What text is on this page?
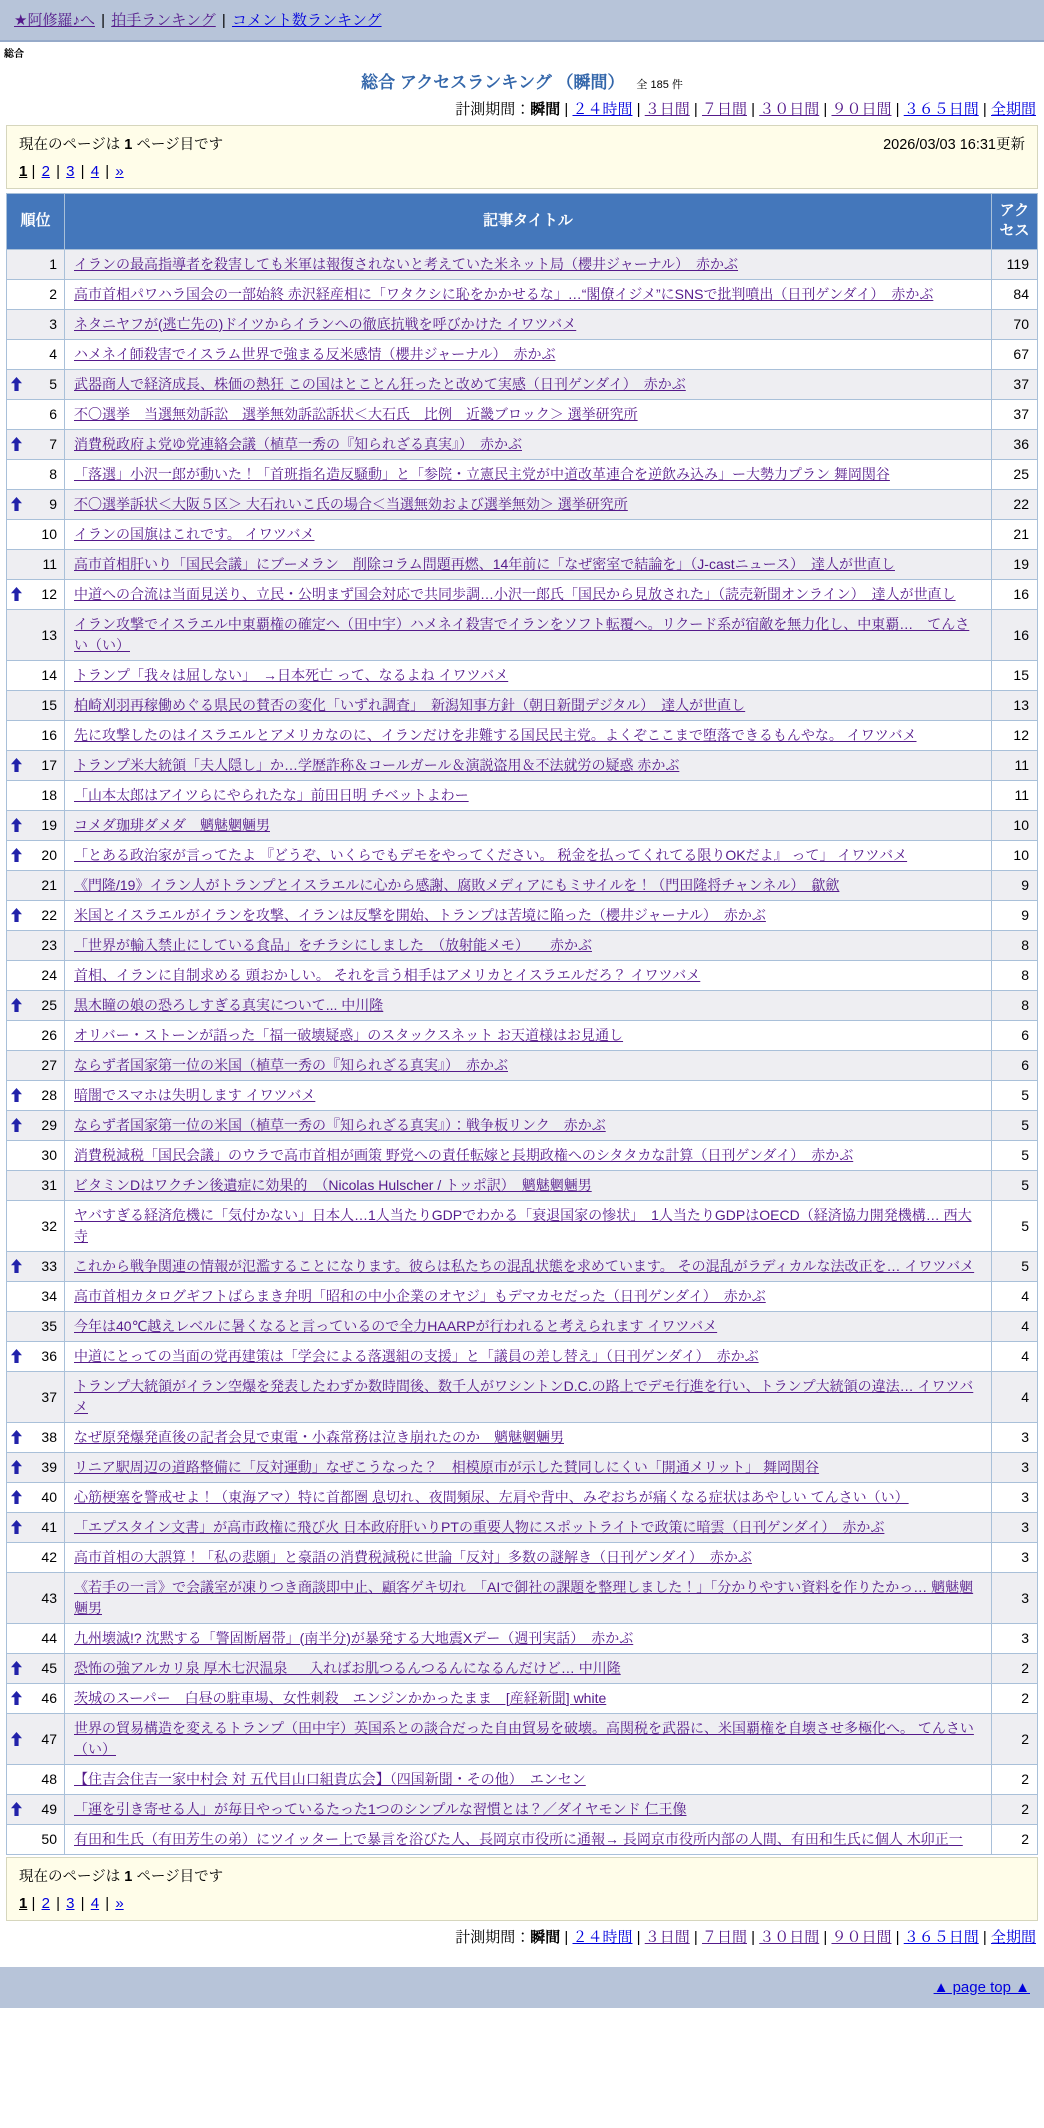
★阿修羅♪へ | 拍手ランキング | コメント数ランキング
総合
総合 アクセスランキング （瞬間） 全 185 件
計測期間：瞬間 | ２４時間 | ３日間 | ７日間 | ３０日間 | ９０日間 | ３６５日間 | 全期間
現在のページは 1 ページ目です	2026/03/03 16:31更新
1 | 2 | 3 | 4 | »
順位	記事タイトル	アクセス
1	イランの最高指導者を殺害しても米軍は報復されないと考えていた米ネット局（櫻井ジャーナル）　赤かぶ	119
2	高市首相パワハラ国会の一部始終 赤沢経産相に「ワタクシに恥をかかせるな」…“閣僚イジメ”にSNSで批判噴出（日刊ゲンダイ）　赤かぶ	84
3	ネタニヤフが(逃亡先の)ドイツからイランへの徹底抗戦を呼びかけた イワツバメ	70
4	ハメネイ師殺害でイスラム世界で強まる反米感情（櫻井ジャーナル）　赤かぶ	67

5	武器商人で経済成長、株価の熱狂 この国はとことん狂ったと改めて実感（日刊ゲンダイ）　赤かぶ	37
6	不〇選挙　当選無効訴訟　選挙無効訴訟訴状＜大石氏　比例　近畿ブロック＞ 選挙研究所	37

7	消費税政府よ党ゆ党連絡会議（植草一秀の『知られざる真実』）　赤かぶ	36
8	「落選」小沢一郎が動いた！「首班指名造反騒動」と「参院・立憲民主党が中道改革連合を逆飲み込み」ー大勢力プラン 舞岡関谷	25

9	不〇選挙訴状＜大阪５区＞ 大石れいこ氏の場合＜当選無効および選挙無効＞ 選挙研究所	22
10	イランの国旗はこれです。 イワツバメ	21
11	高市首相肝いり「国民会議」にブーメラン　削除コラム問題再燃、14年前に「なぜ密室で結論を」（J-castニュース）　達人が世直し	19

12	中道への合流は当面見送り、立民・公明まず国会対応で共同歩調…小沢一郎氏「国民から見放された」（読売新聞オンライン）　達人が世直し	16
13	イラン攻撃でイスラエル中東覇権の確定へ（田中宇）ハメネイ殺害でイランをソフト転覆へ。リクード系が宿敵を無力化し、中東覇…　てんさい（い）	16
14	トランプ「我々は屈しない」　→日本死亡 って、なるよね イワツバメ	15
15	柏崎刈羽再稼働めぐる県民の賛否の変化「いずれ調査」　新潟知事方針（朝日新聞デジタル）　達人が世直し	13
16	先に攻撃したのはイスラエルとアメリカなのに、イランだけを非難する国民民主党。よくぞここまで堕落できるもんやな。 イワツバメ	12

17	トランプ米大統領「夫人隠し」か…学歴詐称＆コールガール＆演説盗用＆不法就労の疑惑 赤かぶ	11
18	「山本太郎はアイツらにやられたな」前田日明 チベットよわー	11

19	コメダ珈琲ダメダ　魑魅魍魎男	10

20	「とある政治家が言ってたよ 『どうぞ、いくらでもデモをやってください。 税金を払ってくれてる限りOKだよ』 って」 イワツバメ	10
21	《門隆/19》イラン人がトランプとイスラエルに心から感謝、腐敗メディアにもミサイルを！（門田隆将チャンネル）　歙歛	9

22	米国とイスラエルがイランを攻撃、イランは反撃を開始、トランプは苦境に陥った（櫻井ジャーナル）　赤かぶ	9
23	「世界が輸入禁止にしている食品」をチラシにしました　（放射能メモ）　　赤かぶ	8
24	首相、イランに自制求める 頭おかしい。 それを言う相手はアメリカとイスラエルだろ？ イワツバメ	8

25	黒木瞳の娘の恐ろしすぎる真実について... 中川隆	8
26	オリバー・ストーンが語った「福一破壊疑惑」のスタックスネット お天道様はお見通し	6
27	ならず者国家第一位の米国（植草一秀の『知られざる真実』）　赤かぶ	6

28	暗闇でスマホは失明します イワツバメ	5

29	ならず者国家第一位の米国（植草一秀の『知られざる真実』）：戦争板リンク　赤かぶ	5
30	消費税減税「国民会議」のウラで高市首相が画策 野党への責任転嫁と長期政権へのシタタカな計算（日刊ゲンダイ）　赤かぶ	5
31	ビタミンDはワクチン後遺症に効果的　（Nicolas Hulscher / トッポ訳）　魑魅魍魎男	5
32	ヤバすぎる経済危機に「気付かない」日本人…1人当たりGDPでわかる「衰退国家の惨状」　1人当たりGDPはOECD（経済協力開発機構… 西大寺	5

33	これから戦争関連の情報が氾濫することになります。彼らは私たちの混乱状態を求めています。 その混乱がラディカルな法改正を… イワツバメ	5
34	高市首相カタログギフトばらまき弁明「昭和の中小企業のオヤジ」もデマカセだった（日刊ゲンダイ）　赤かぶ	4
35	今年は40℃越えレベルに暑くなると言っているので全力HAARPが行われると考えられます イワツバメ	4

36	中道にとっての当面の党再建策は「学会による落選組の支援」と「議員の差し替え」（日刊ゲンダイ）　赤かぶ	4
37	トランプ大統領がイラン空爆を発表したわずか数時間後、数千人がワシントンD.C.の路上でデモ行進を行い、トランプ大統領の違法… イワツバメ	4

38	なぜ原発爆発直後の記者会見で東電・小森常務は泣き崩れたのか　魑魅魍魎男	3

39	リニア駅周辺の道路整備に「反対運動」なぜこうなった？　相模原市が示した賛同しにくい「開通メリット」 舞岡関谷	3

40	心筋梗塞を警戒せよ！（東海アマ）特に首都圏 息切れ、夜間頻尿、左肩や背中、みぞおちが痛くなる症状はあやしい てんさい（い）	3

41	「エプスタイン文書」が高市政権に飛び火 日本政府肝いりPTの重要人物にスポットライトで政策に暗雲（日刊ゲンダイ）　赤かぶ	3
42	高市首相の大誤算！「私の悲願」と豪語の消費税減税に世論「反対」多数の謎解き（日刊ゲンダイ）　赤かぶ	3
43	《若手の一言》で会議室が凍りつき商談即中止、顧客ゲキ切れ　「AIで御社の課題を整理しました！」「分かりやすい資料を作りたかっ… 魑魅魍魎男	3
44	九州壊滅!? 沈黙する「警固断層帯」(南半分)が暴発する大地震Xデー（週刊実話）　赤かぶ	3

45	恐怖の強アルカリ泉 厚木七沢温泉 ＿ 入ればお肌つるんつるんになるんだけど… 中川隆	2

46	茨城のスーパー　白昼の駐車場、女性刺殺　エンジンかかったまま　[産経新聞] white	2

47	世界の貿易構造を変えるトランプ（田中宇）英国系との談合だった自由貿易を破壊。高関税を武器に、米国覇権を自壊させ多極化へ。 てんさい（い）	2
48	【住吉会住吉一家中村会 対 五代目山口組貴広会】（四国新聞・その他）　エンセン	2

49	「運を引き寄せる人」が毎日やっているたった1つのシンプルな習慣とは？／ダイヤモンド 仁王像	2
50	有田和生氏（有田芳生の弟）にツイッター上で暴言を浴びた人、長岡京市役所に通報→ 長岡京市役所内部の人間、有田和生氏に個人 木卯正一	2
現在のページは 1 ページ目です
1 | 2 | 3 | 4 | »
計測期間：瞬間 | ２４時間 | ３日間 | ７日間 | ３０日間 | ９０日間 | ３６５日間 | 全期間
▲ page top ▲
